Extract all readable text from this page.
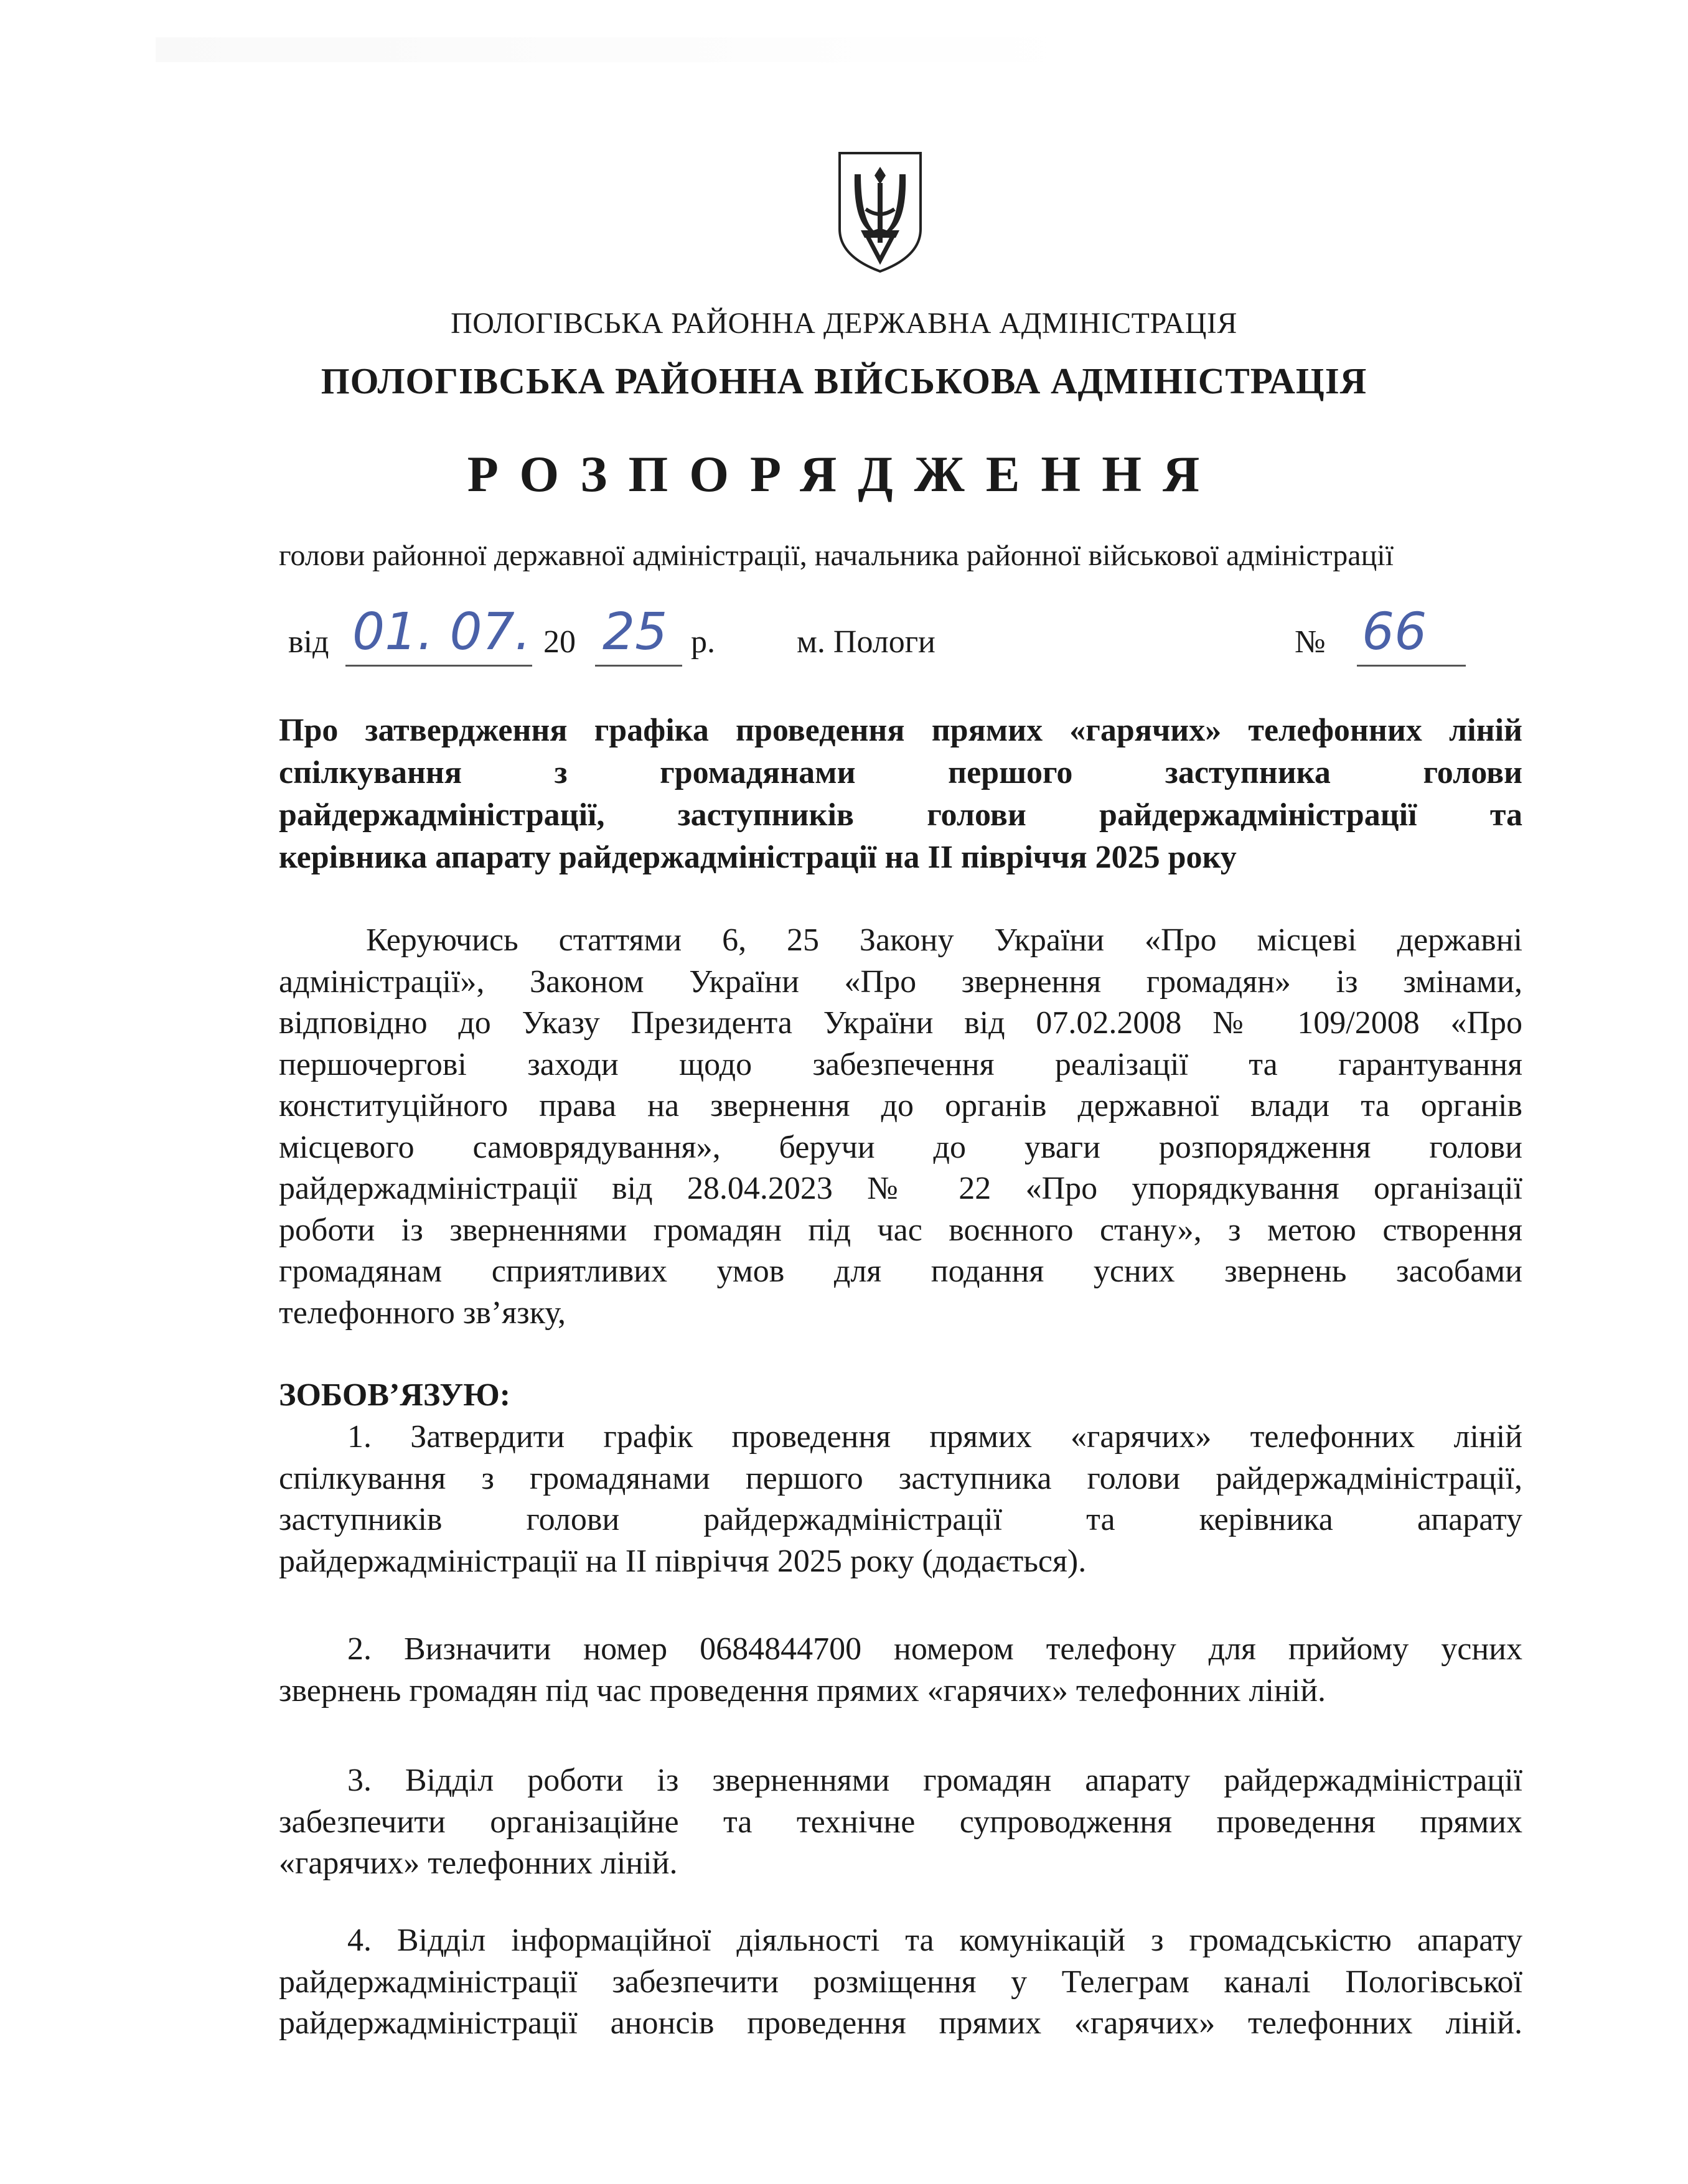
ПОЛОГІВСЬКА РАЙОННА ДЕРЖАВНА АДМІНІСТРАЦІЯ
ПОЛОГІВСЬКА РАЙОННА ВІЙСЬКОВА АДМІНІСТРАЦІЯ
РОЗПОРЯДЖЕННЯ
голови районної державної адміністрації, начальника районної військової адміністрації
від 01. 07. 20 25 р.	м. Пологи	№ 66
Про затвердження графіка проведення прямих «гарячих» телефонних ліній
спілкування з громадянами першого заступника голови
райдержадміністрації, заступників голови райдержадміністрації та
керівника апарату райдержадміністрації на ІІ півріччя 2025 року
Керуючись статтями 6, 25 Закону України «Про місцеві державні
адміністрації», Законом України «Про звернення громадян» із змінами,
відповідно до Указу Президента України від 07.02.2008 № 109/2008 «Про
першочергові заходи щодо забезпечення реалізації та гарантування
конституційного права на звернення до органів державної влади та органів
місцевого самоврядування», беручи до уваги розпорядження голови
райдержадміністрації від 28.04.2023 № 22 «Про упорядкування організації
роботи із зверненнями громадян під час воєнного стану», з метою створення
громадянам сприятливих умов для подання усних звернень засобами
телефонного зв’язку,
ЗОБОВ’ЯЗУЮ:
1. Затвердити графік проведення прямих «гарячих» телефонних ліній
спілкування з громадянами першого заступника голови райдержадміністрації,
заступників голови райдержадміністрації та керівника апарату
райдержадміністрації на ІІ півріччя 2025 року (додається).
2. Визначити номер 0684844700 номером телефону для прийому усних
звернень громадян під час проведення прямих «гарячих» телефонних ліній.
3. Відділ роботи із зверненнями громадян апарату райдержадміністрації
забезпечити організаційне та технічне супроводження проведення прямих
«гарячих» телефонних ліній.
4. Відділ інформаційної діяльності та комунікацій з громадськістю апарату
райдержадміністрації забезпечити розміщення у Телеграм каналі Пологівської
райдержадміністрації анонсів проведення прямих «гарячих» телефонних ліній.
